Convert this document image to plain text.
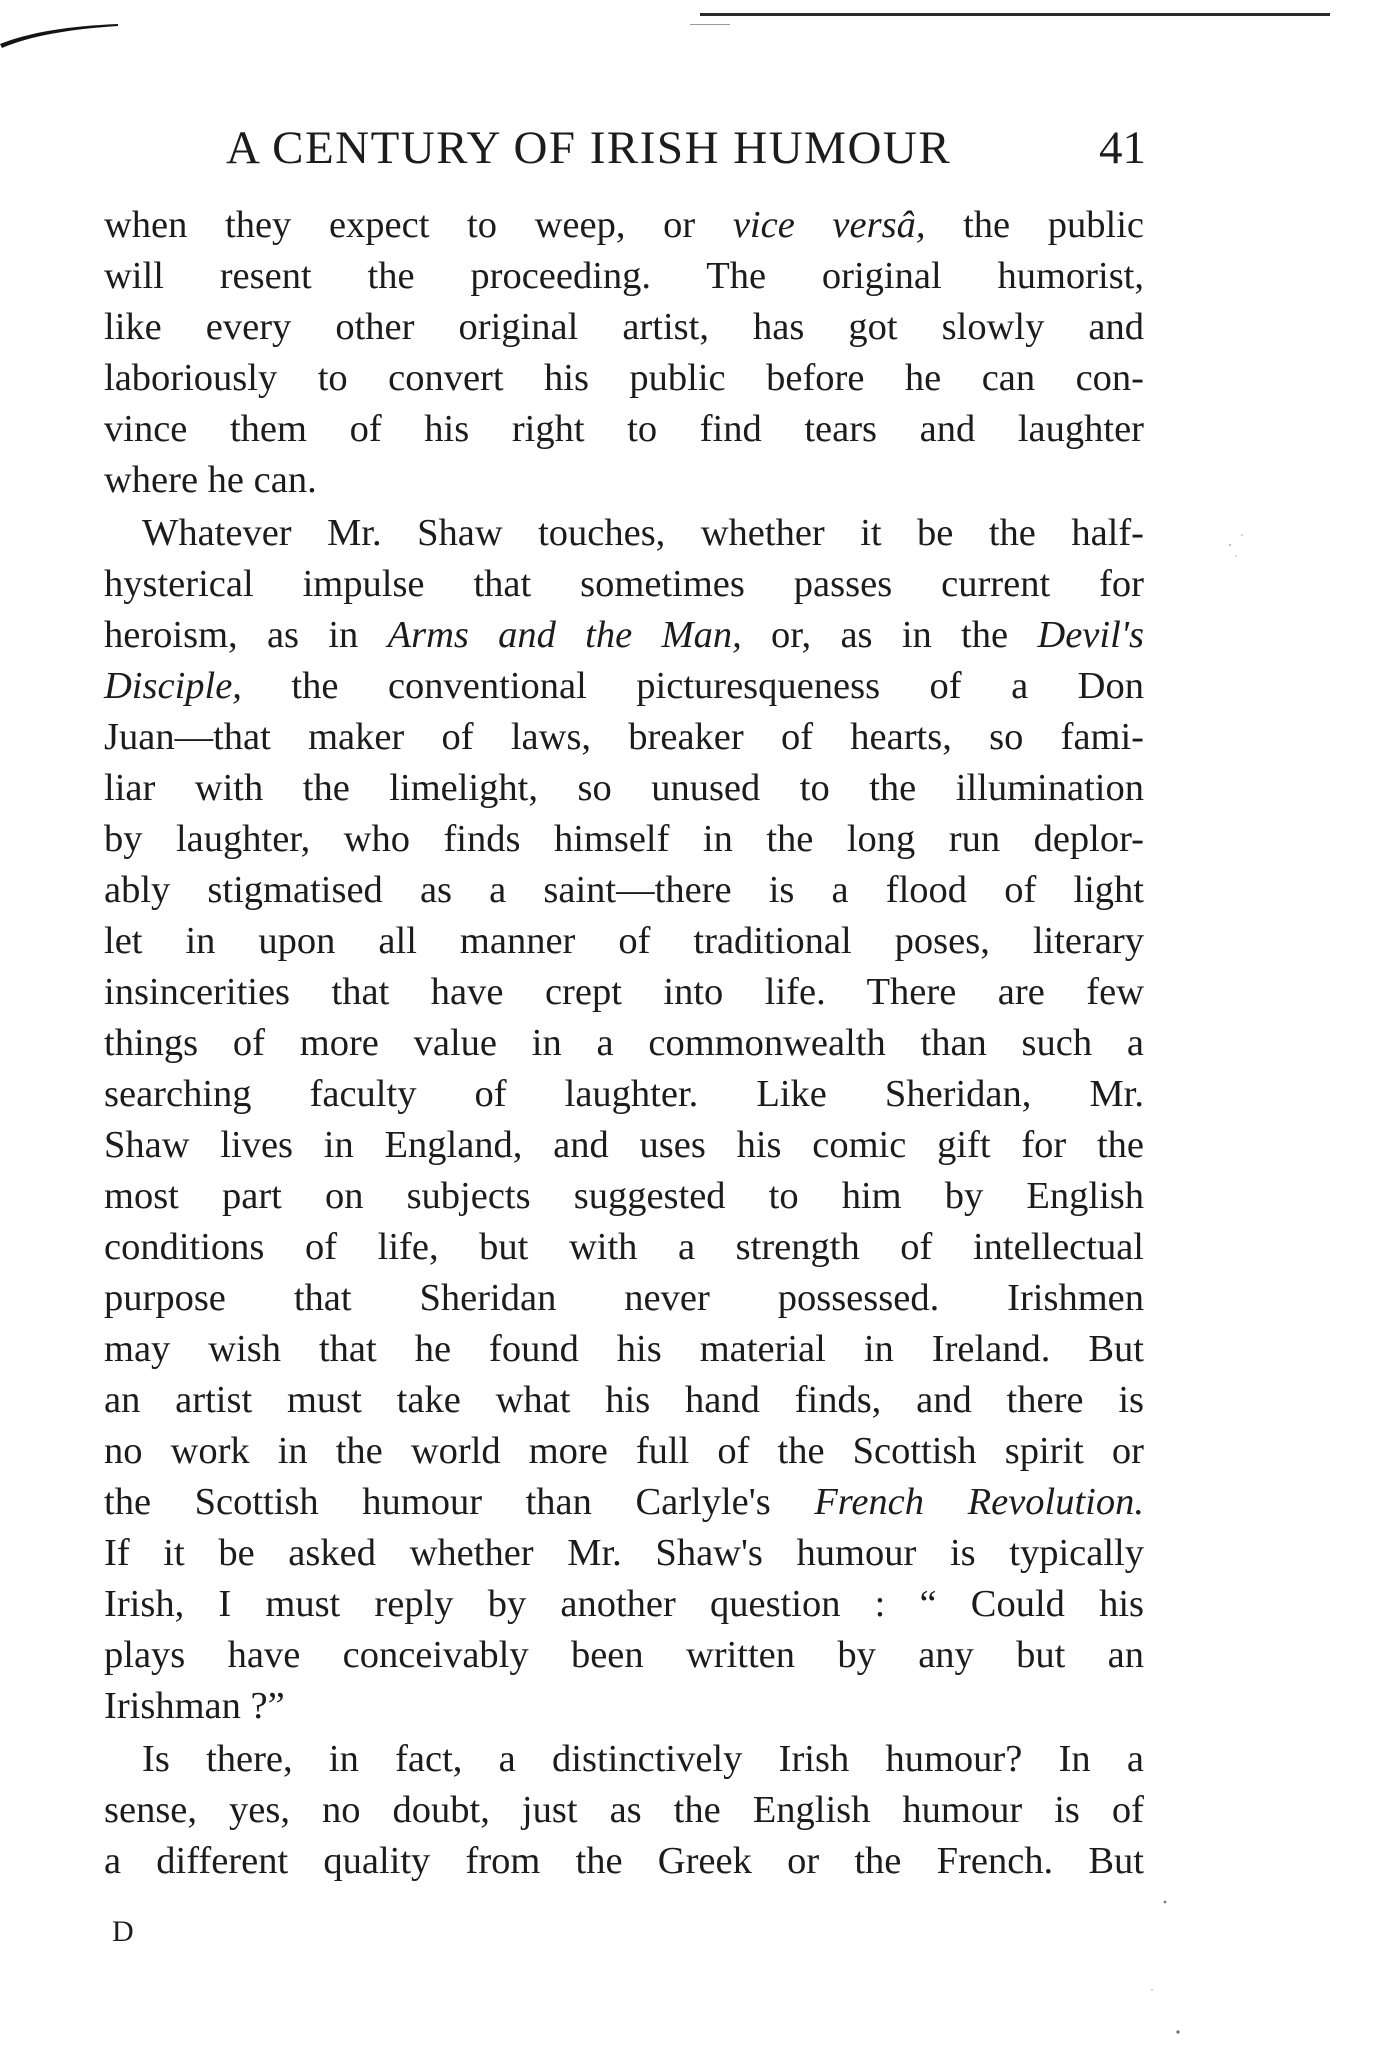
A CENTURY OF IRISH HUMOUR	41
when they expect to weep, or vice versâ, the public
will resent the proceeding. The original humorist,
like every other original artist, has got slowly and
laboriously to convert his public before he can con-
vince them of his right to find tears and laughter
where he can.
Whatever Mr. Shaw touches, whether it be the half-
hysterical impulse that sometimes passes current for
heroism, as in Arms and the Man, or, as in the Devil's
Disciple, the conventional picturesqueness of a Don
Juan—that maker of laws, breaker of hearts, so fami-
liar with the limelight, so unused to the illumination
by laughter, who finds himself in the long run deplor-
ably stigmatised as a saint—there is a flood of light
let in upon all manner of traditional poses, literary
insincerities that have crept into life. There are few
things of more value in a commonwealth than such a
searching faculty of laughter. Like Sheridan, Mr.
Shaw lives in England, and uses his comic gift for the
most part on subjects suggested to him by English
conditions of life, but with a strength of intellectual
purpose that Sheridan never possessed. Irishmen
may wish that he found his material in Ireland. But
an artist must take what his hand finds, and there is
no work in the world more full of the Scottish spirit or
the Scottish humour than Carlyle's French Revolution.
If it be asked whether Mr. Shaw's humour is typically
Irish, I must reply by another question : “ Could his
plays have conceivably been written by any but an
Irishman ?”
Is there, in fact, a distinctively Irish humour? In a
sense, yes, no doubt, just as the English humour is of
a different quality from the Greek or the French. But
D
